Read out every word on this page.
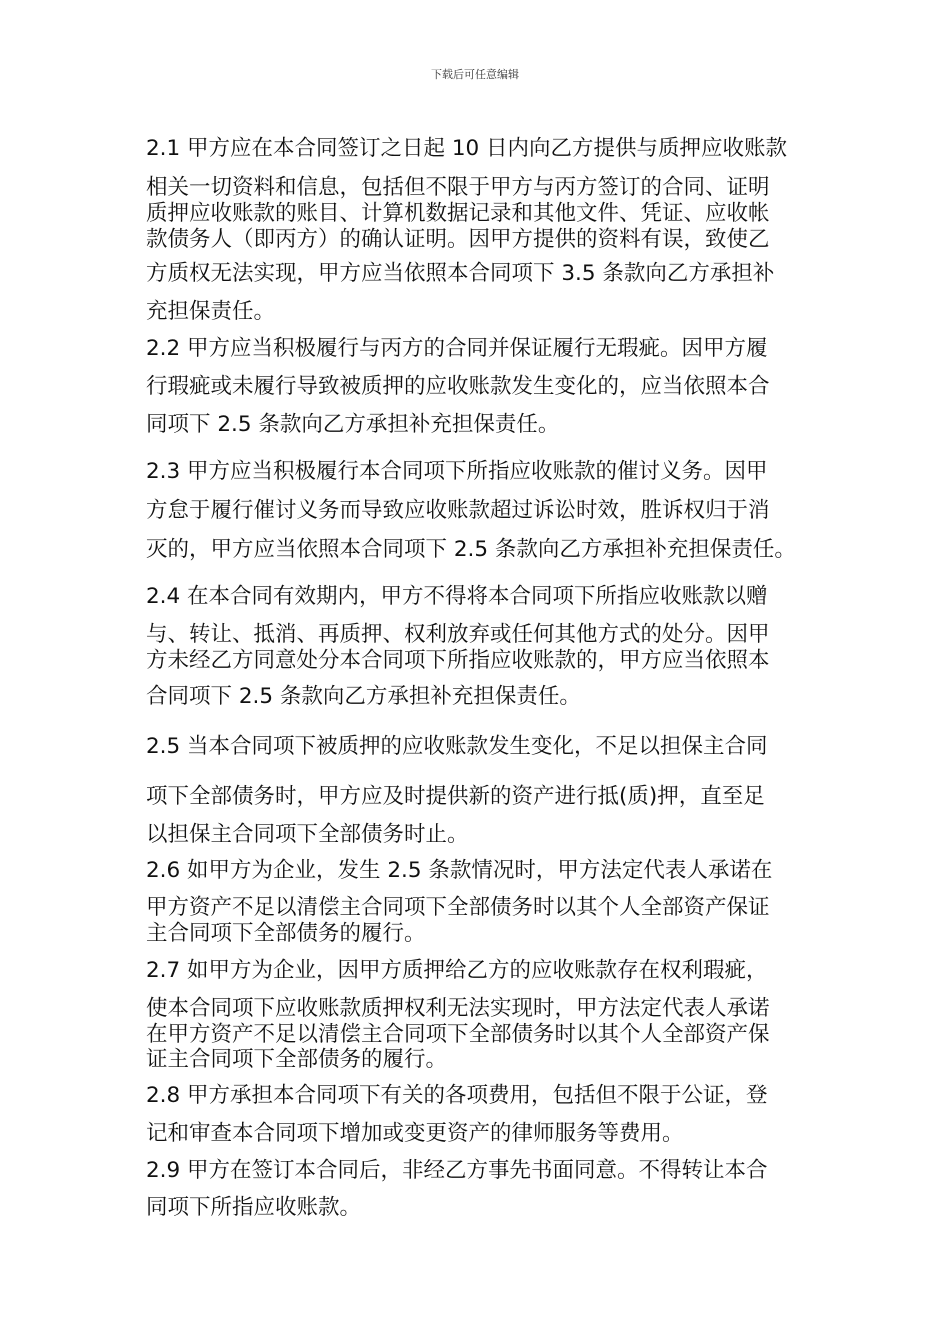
下载后可任意编辑
2.1 甲方应在本合同签订之日起 10 日内向乙方提供与质押应收账款
相关一切资料和信息，包括但不限于甲方与丙方签订的合同、证明
质押应收账款的账目、计算机数据记录和其他文件、凭证、应收帐
款债务人（即丙方）的确认证明。因甲方提供的资料有误，致使乙
方质权无法实现，甲方应当依照本合同项下 3.5 条款向乙方承担补
充担保责任。
2.2 甲方应当积极履行与丙方的合同并保证履行无瑕疵。因甲方履
行瑕疵或未履行导致被质押的应收账款发生变化的，应当依照本合
同项下 2.5 条款向乙方承担补充担保责任。
2.3 甲方应当积极履行本合同项下所指应收账款的催讨义务。因甲
方怠于履行催讨义务而导致应收账款超过诉讼时效，胜诉权归于消
灭的，甲方应当依照本合同项下 2.5 条款向乙方承担补充担保责任。
2.4 在本合同有效期内，甲方不得将本合同项下所指应收账款以赠
与、转让、抵消、再质押、权利放弃或任何其他方式的处分。因甲
方未经乙方同意处分本合同项下所指应收账款的，甲方应当依照本
合同项下 2.5 条款向乙方承担补充担保责任。
2.5 当本合同项下被质押的应收账款发生变化，不足以担保主合同
项下全部债务时，甲方应及时提供新的资产进行抵(质)押，直至足
以担保主合同项下全部债务时止。
2.6 如甲方为企业，发生 2.5 条款情况时，甲方法定代表人承诺在
甲方资产不足以清偿主合同项下全部债务时以其个人全部资产保证
主合同项下全部债务的履行。
2.7 如甲方为企业，因甲方质押给乙方的应收账款存在权利瑕疵，
使本合同项下应收账款质押权利无法实现时，甲方法定代表人承诺
在甲方资产不足以清偿主合同项下全部债务时以其个人全部资产保
证主合同项下全部债务的履行。
2.8 甲方承担本合同项下有关的各项费用，包括但不限于公证，登
记和审查本合同项下增加或变更资产的律师服务等费用。
2.9 甲方在签订本合同后，非经乙方事先书面同意。不得转让本合
同项下所指应收账款。
